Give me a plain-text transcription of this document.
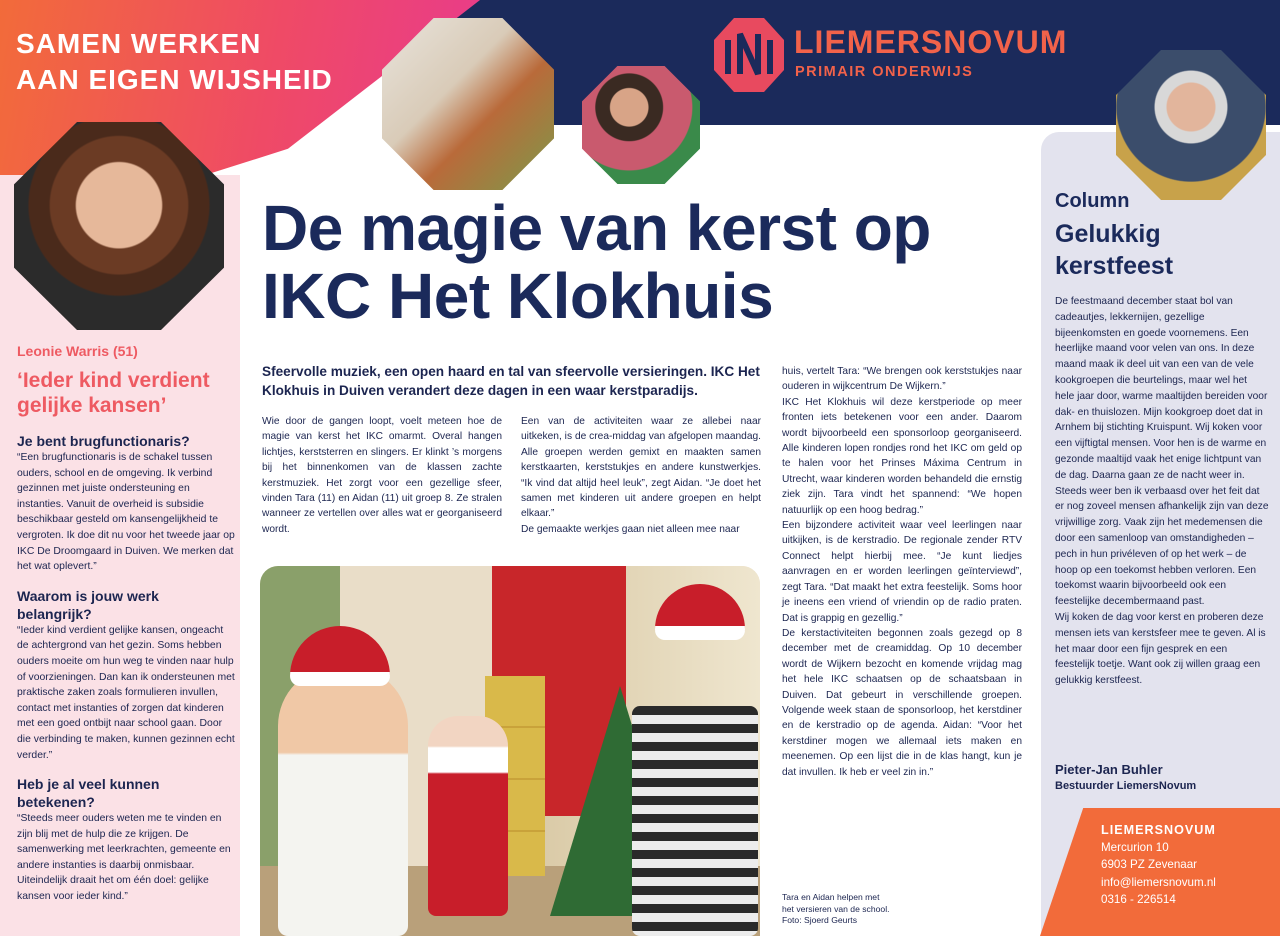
SAMEN WERKEN
AAN EIGEN WIJSHEID
LIEMERSNOVUM
PRIMAIR ONDERWIJS
Leonie Warris (51)
‘Ieder kind verdient gelijke kansen’
Je bent brugfunctionaris?

“Een brugfunctionaris is de schakel tussen ouders, school en de omgeving. Ik verbind gezinnen met juiste ondersteuning en instanties. Vanuit de overheid is subsidie beschikbaar gesteld om kansengelijkheid te vergroten. Ik doe dit nu voor het tweede jaar op IKC De Droomgaard in Duiven. We merken dat het wat oplevert.”

Waarom is jouw werk belangrijk?

“Ieder kind verdient gelijke kansen, ongeacht de achtergrond van het gezin. Soms hebben ouders moeite om hun weg te vinden naar hulp of voorzieningen. Dan kan ik ondersteunen met praktische zaken zoals formulieren invullen, contact met instanties of zorgen dat kinderen met een goed ontbijt naar school gaan. Door die verbinding te maken, kunnen gezinnen echt verder.”

Heb je al veel kunnen betekenen?

“Steeds meer ouders weten me te vinden en zijn blij met de hulp die ze krijgen. De samenwerking met leerkrachten, gemeente en andere instanties is daarbij onmisbaar. Uiteindelijk draait het om één doel: gelijke kansen voor ieder kind.”

De magie van kerst op IKC Het Klokhuis
Sfeervolle muziek, een open haard en tal van sfeervolle versieringen. IKC Het Klokhuis in Duiven verandert deze dagen in een waar kerstparadijs.

Wie door de gangen loopt, voelt meteen hoe de magie van kerst het IKC omarmt. Overal hangen lichtjes, kerststerren en slingers. Er klinkt ’s morgens bij het binnenkomen van de klassen zachte kerstmuziek. Het zorgt voor een gezellige sfeer, vinden Tara (11) en Aidan (11) uit groep 8. Ze stralen wanneer ze vertellen over alles wat er georganiseerd wordt.

Een van de activiteiten waar ze allebei naar uitkeken, is de crea-middag van afgelopen maandag. Alle groepen werden gemixt en maakten samen kerstkaarten, kerststukjes en andere kunstwerkjes. “Ik vind dat altijd heel leuk”, zegt Aidan. “Je doet het samen met kinderen uit andere groepen en helpt elkaar.”

De gemaakte werkjes gaan niet alleen mee naar

huis, vertelt Tara: “We brengen ook kerststukjes naar ouderen in wijkcentrum De Wijkern.”

IKC Het Klokhuis wil deze kerstperiode op meer fronten iets betekenen voor een ander. Daarom wordt bijvoorbeeld een sponsorloop georganiseerd. Alle kinderen lopen rondjes rond het IKC om geld op te halen voor het Prinses Máxima Centrum in Utrecht, waar kinderen worden behandeld die ernstig ziek zijn. Tara vindt het spannend: “We hopen natuurlijk op een hoog bedrag.”

Een bijzondere activiteit waar veel leerlingen naar uitkijken, is de kerstradio. De regionale zender RTV Connect helpt hierbij mee. “Je kunt liedjes aanvragen en er worden leerlingen geïnterviewd”, zegt Tara. “Dat maakt het extra feestelijk. Soms hoor je ineens een vriend of vriendin op de radio praten. Dat is grappig en gezellig.”

De kerstactiviteiten begonnen zoals gezegd op 8 december met de creamiddag. Op 10 december wordt de Wijkern bezocht en komende vrijdag mag het hele IKC schaatsen op de schaatsbaan in Duiven. Dat gebeurt in verschillende groepen. Volgende week staan de sponsorloop, het kerstdiner en de kerstradio op de agenda. Aidan: “Voor het kerstdiner mogen we allemaal iets maken en meenemen. Op een lijst die in de klas hangt, kun je dat invullen. Ik heb er veel zin in.”

Tara en Aidan helpen met
het versieren van de school.
Foto: Sjoerd Geurts
Column
Gelukkig kerstfeest

De feestmaand december staat bol van cadeautjes, lekkernijen, gezellige bijeenkomsten en goede voornemens. Een heerlijke maand voor velen van ons. In deze maand maak ik deel uit van een van de vele kookgroepen die beurtelings, maar wel het hele jaar door, warme maaltijden bereiden voor dak- en thuislozen. Mijn kookgroep doet dat in Arnhem bij stichting Kruispunt. Wij koken voor een vijftigtal mensen. Voor hen is de warme en gezonde maaltijd vaak het enige lichtpunt van de dag. Daarna gaan ze de nacht weer in. Steeds weer ben ik verbaasd over het feit dat er nog zoveel mensen afhankelijk zijn van deze vrijwillige zorg. Vaak zijn het medemensen die door een samenloop van omstandigheden – pech in hun privéleven of op het werk – de hoop op een toekomst hebben verloren. Een toekomst waarin bijvoorbeeld ook een feestelijke decembermaand past.

Wij koken de dag voor kerst en proberen deze mensen iets van kerstsfeer mee te geven. Al is het maar door een fijn gesprek en een feestelijk toetje. Want ook zij willen graag een gelukkig kerstfeest.

Pieter-Jan Buhler
Bestuurder LiemersNovum
LIEMERSNOVUM
Mercurion 10
6903 PZ Zevenaar
info@liemersnovum.nl
0316 - 226514
